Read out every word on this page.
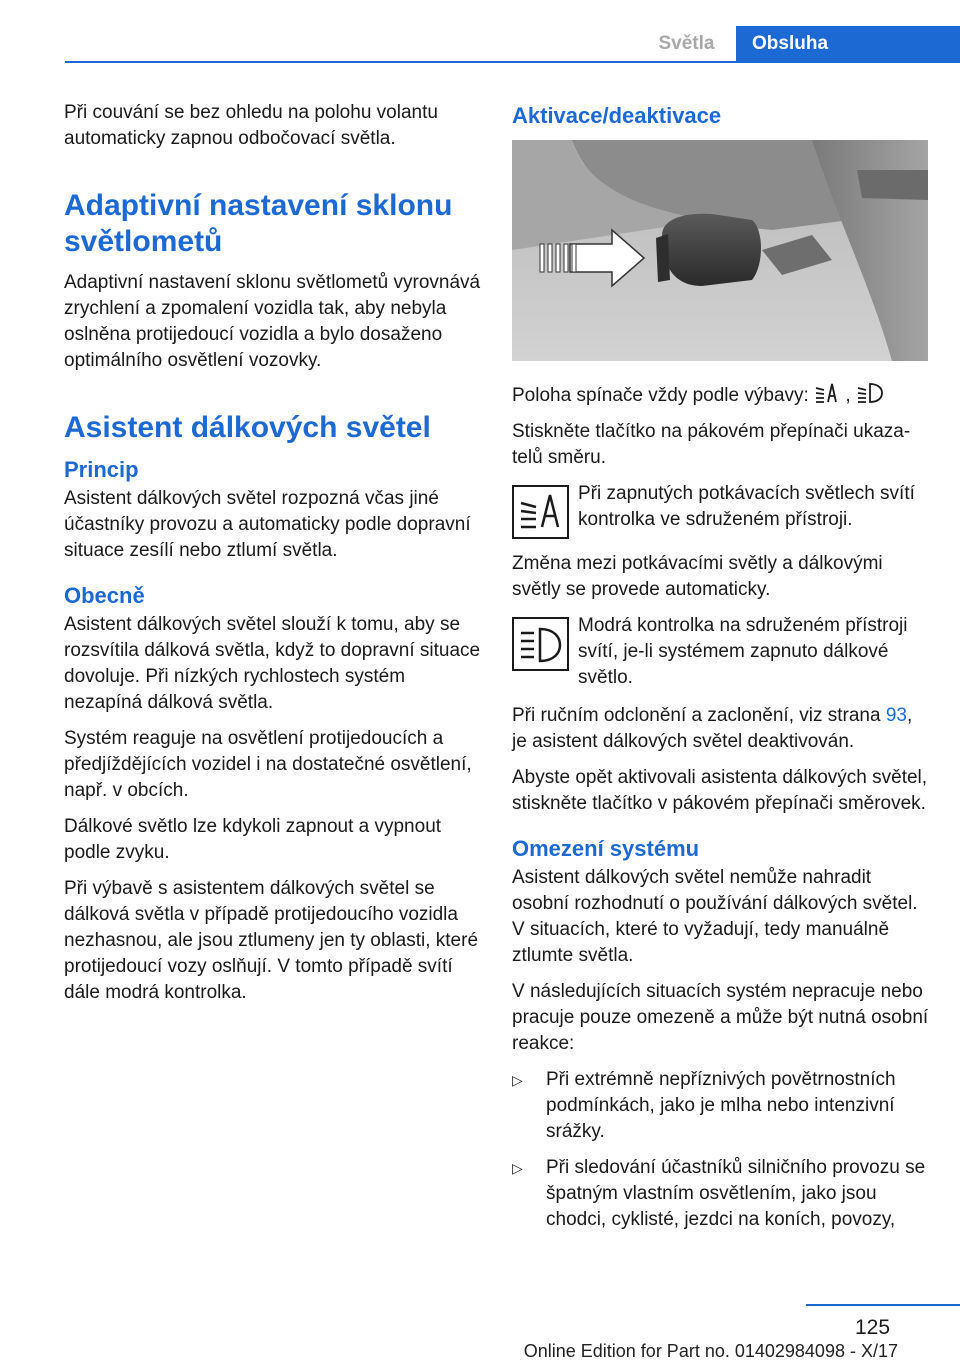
Světla	Obsluha

Při couvání se bez ohledu na polohu volantu automaticky zapnou odbočovací světla.

Adaptivní nastavení sklonu světlometů

Adaptivní nastavení sklonu světlometů vyrovnává zrychlení a zpomalení vozidla tak, aby nebyla oslněna protijedoucí vozidla a bylo dosaženo optimálního osvětlení vozovky.

Asistent dálkových světel
Princip

Asistent dálkových světel rozpozná včas jiné účastníky provozu a automaticky podle dopravní situace zesílí nebo ztlumí světla.

Obecně

Asistent dálkových světel slouží k tomu, aby se rozsvítila dálková světla, když to dopravní situace dovoluje. Při nízkých rychlostech systém nezapíná dálková světla.

Systém reaguje na osvětlení protijedoucích a předjíždějících vozidel i na dostatečné osvětlení, např. v obcích.

Dálkové světlo lze kdykoli zapnout a vypnout podle zvyku.

Při výbavě s asistentem dálkových světel se dálková světla v případě protijedoucího vozidla nezhasnou, ale jsou ztlumeny jen ty oblasti, které protijedoucí vozy oslňují. V tomto případě svítí dále modrá kontrolka.

Aktivace/deaktivace

Poloha spínače vždy podle výbavy: ,

Stiskněte tlačítko na pákovém přepínači ukazatelů směru.

Při zapnutých potkávacích světlech svítí kontrolka ve sdruženém přístroji.

Změna mezi potkávacími světly a dálkovými světly se provede automaticky.

Modrá kontrolka na sdruženém přístroji svítí, je-li systémem zapnuto dálkové světlo.

Při ručním odclonění a zaclonění, viz strana 93, je asistent dálkových světel deaktivován.

Abyste opět aktivovali asistenta dálkových světel, stiskněte tlačítko v pákovém přepínači směrovek.

Omezení systému

Asistent dálkových světel nemůže nahradit osobní rozhodnutí o používání dálkových světel. V situacích, které to vyžadují, tedy manuálně ztlumte světla.

V následujících situacích systém nepracuje nebo pracuje pouze omezeně a může být nutná osobní reakce:

▷	Při extrémně nepříznivých povětrnostních podmínkách, jako je mlha nebo intenzivní srážky.

▷	Při sledování účastníků silničního provozu se špatným vlastním osvětlením, jako jsou chodci, cyklisté, jezdci na koních, povozy,

125
Online Edition for Part no. 01402984098 - X/17
